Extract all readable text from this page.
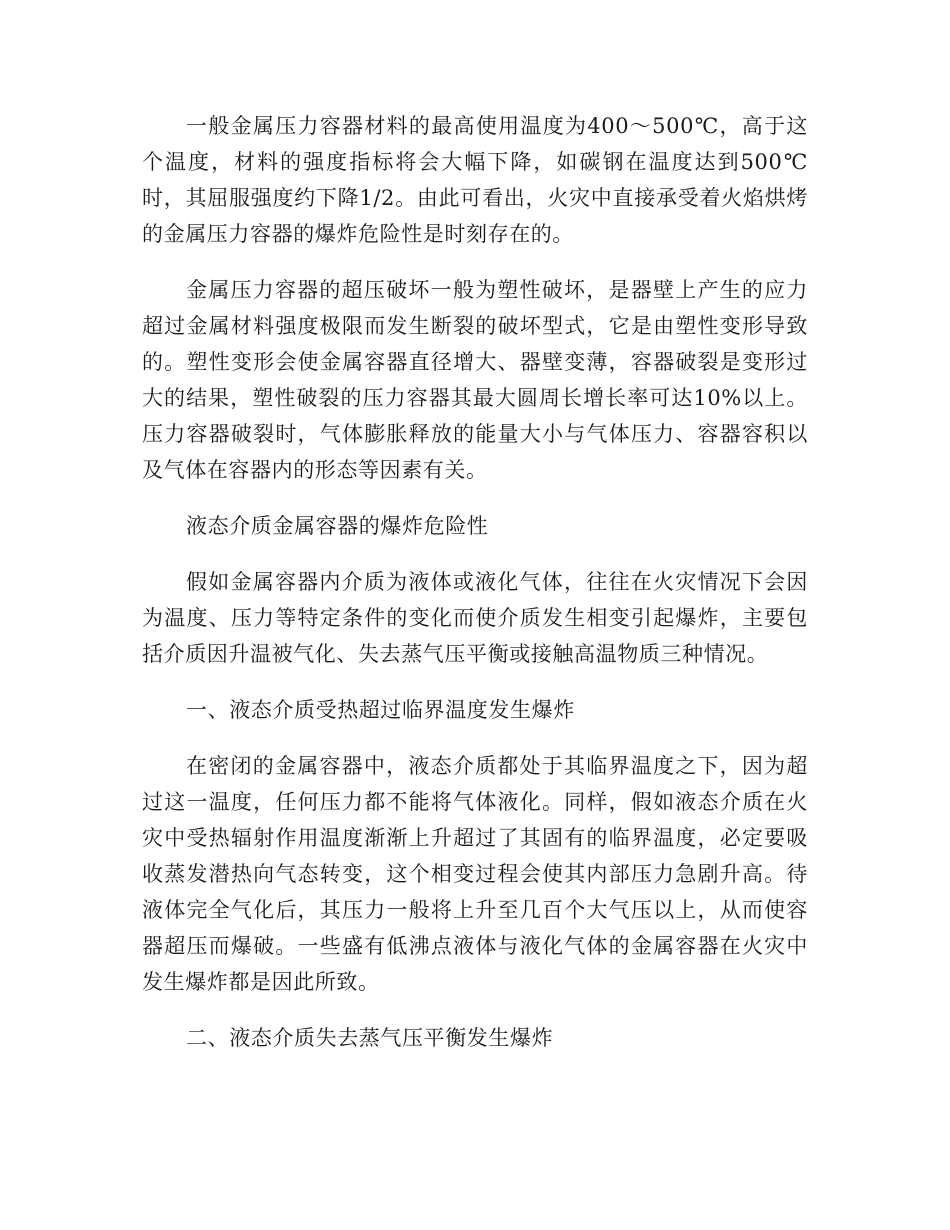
一般金属压力容器材料的最高使用温度为400～500℃，高于这个温度，材料的强度指标将会大幅下降，如碳钢在温度达到500℃时，其屈服强度约下降1/2。由此可看出，火灾中直接承受着火焰烘烤的金属压力容器的爆炸危险性是时刻存在的。

金属压力容器的超压破坏一般为塑性破坏，是器壁上产生的应力超过金属材料强度极限而发生断裂的破坏型式，它是由塑性变形导致的。塑性变形会使金属容器直径增大、器壁变薄，容器破裂是变形过大的结果，塑性破裂的压力容器其最大圆周长增长率可达10%以上。压力容器破裂时，气体膨胀释放的能量大小与气体压力、容器容积以及气体在容器内的形态等因素有关。

液态介质金属容器的爆炸危险性

假如金属容器内介质为液体或液化气体，往往在火灾情况下会因为温度、压力等特定条件的变化而使介质发生相变引起爆炸，主要包括介质因升温被气化、失去蒸气压平衡或接触高温物质三种情况。

一、液态介质受热超过临界温度发生爆炸

在密闭的金属容器中，液态介质都处于其临界温度之下，因为超过这一温度，任何压力都不能将气体液化。同样，假如液态介质在火灾中受热辐射作用温度渐渐上升超过了其固有的临界温度，必定要吸收蒸发潜热向气态转变，这个相变过程会使其内部压力急剧升高。待液体完全气化后，其压力一般将上升至几百个大气压以上，从而使容器超压而爆破。一些盛有低沸点液体与液化气体的金属容器在火灾中发生爆炸都是因此所致。

二、液态介质失去蒸气压平衡发生爆炸
